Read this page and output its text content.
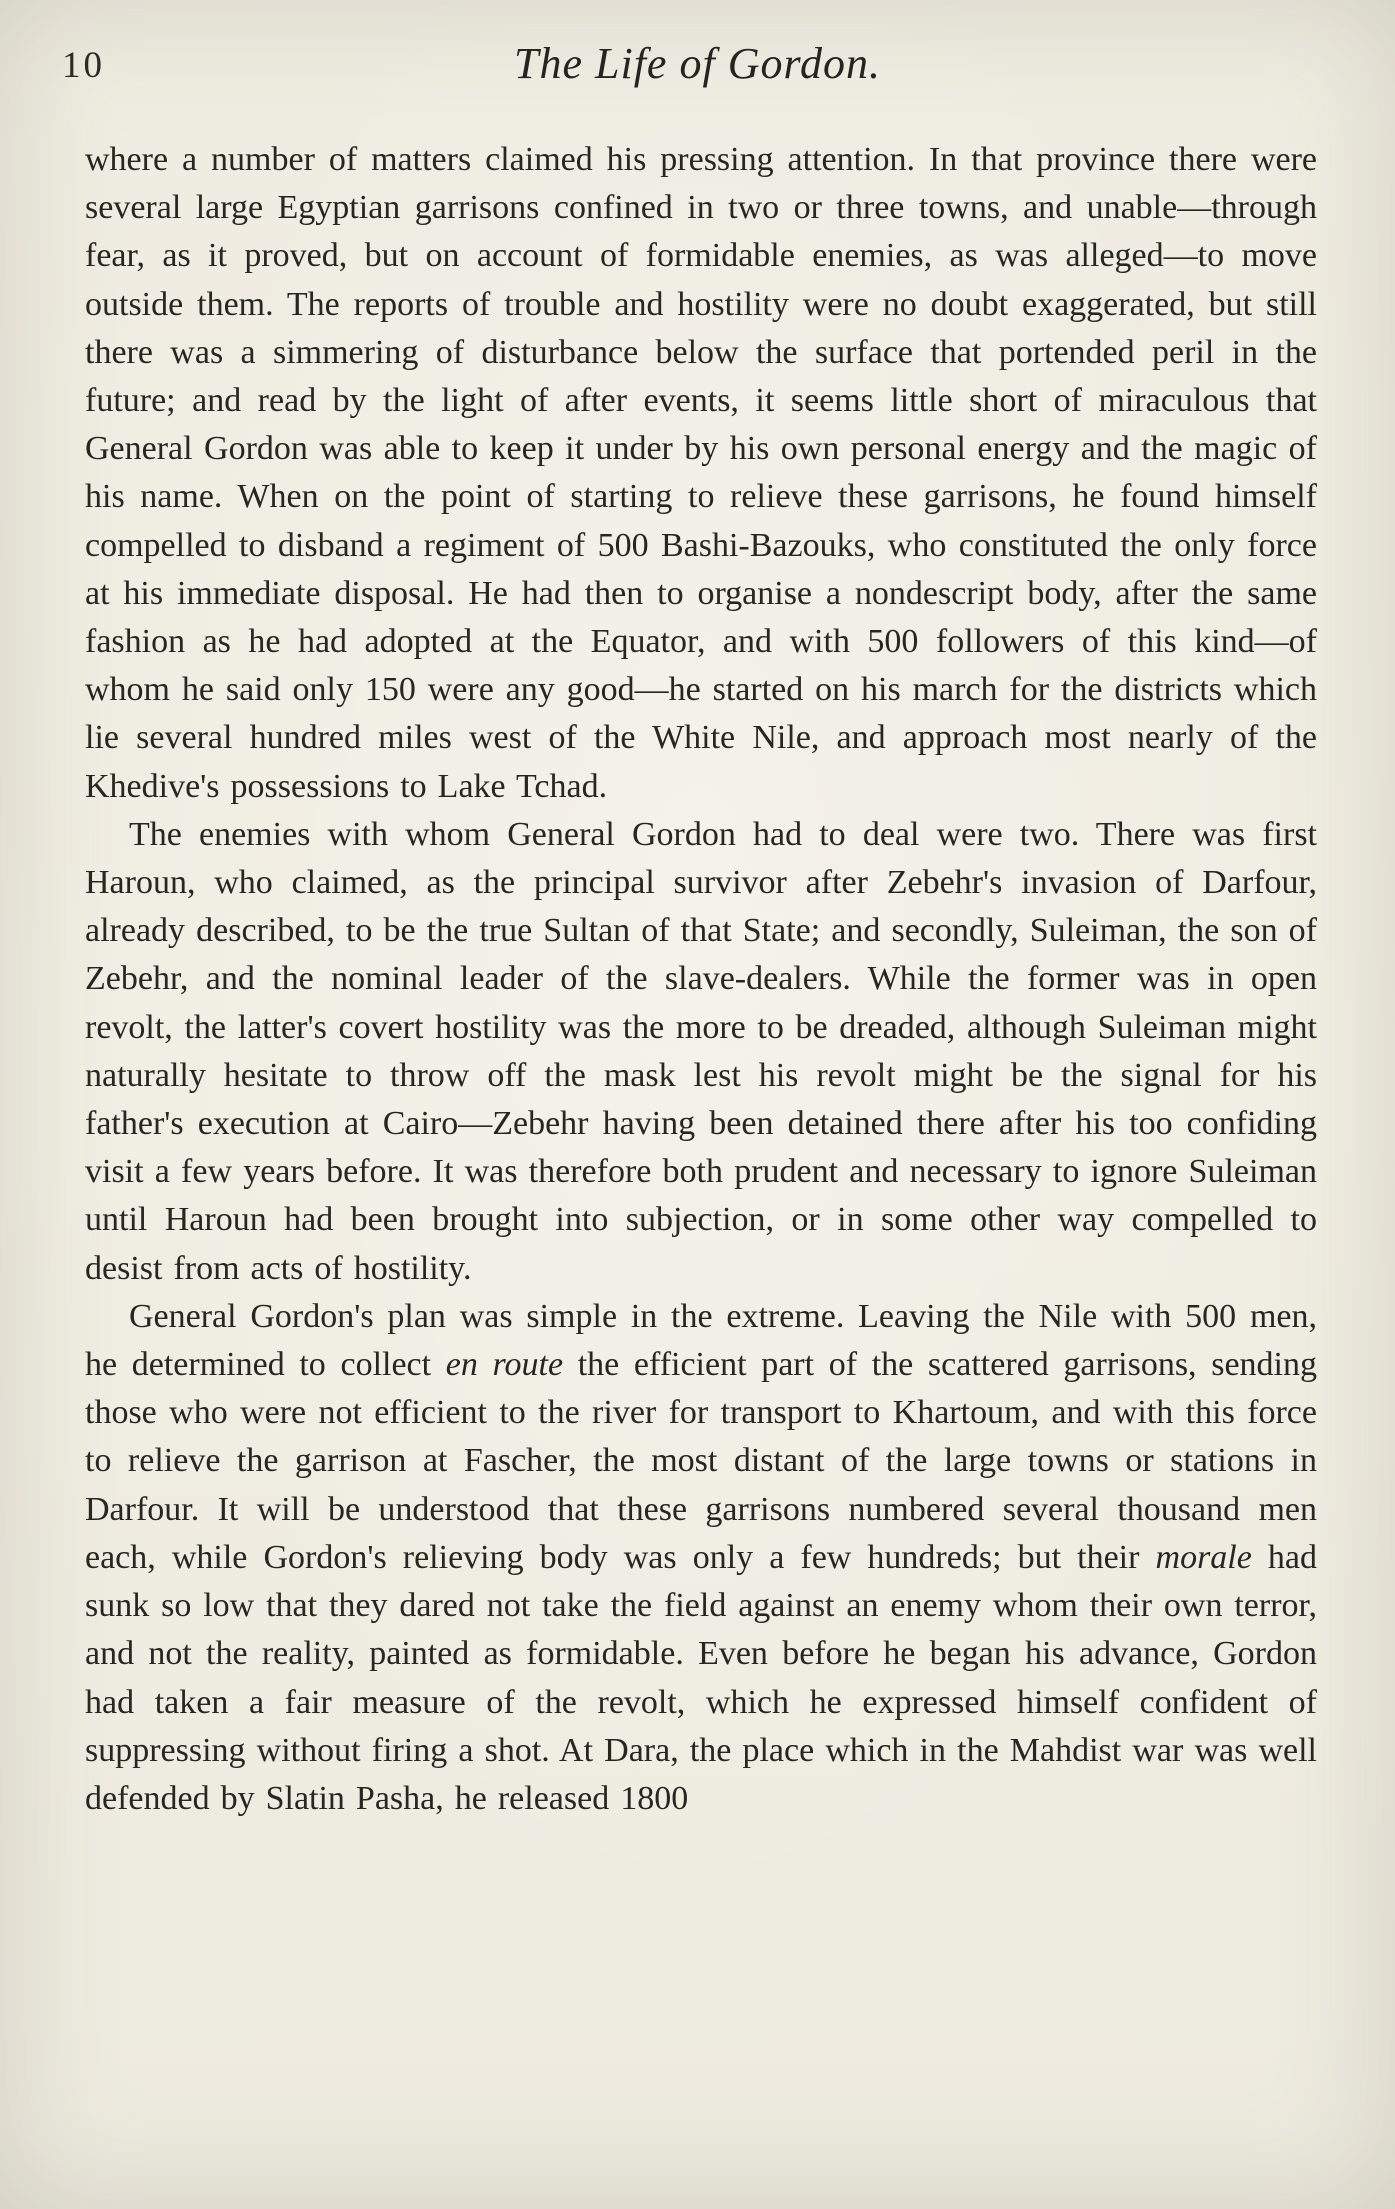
10	The Life of Gordon.

where a number of matters claimed his pressing attention. In that province there were several large Egyptian garrisons confined in two or three towns, and unable—through fear, as it proved, but on account of formidable enemies, as was alleged—to move outside them. The reports of trouble and hostility were no doubt exaggerated, but still there was a simmering of disturbance below the surface that portended peril in the future; and read by the light of after events, it seems little short of miraculous that General Gordon was able to keep it under by his own personal energy and the magic of his name. When on the point of starting to relieve these garrisons, he found himself compelled to disband a regiment of 500 Bashi-Bazouks, who constituted the only force at his immediate disposal. He had then to organise a nondescript body, after the same fashion as he had adopted at the Equator, and with 500 followers of this kind—of whom he said only 150 were any good—he started on his march for the districts which lie several hundred miles west of the White Nile, and approach most nearly of the Khedive's possessions to Lake Tchad.

The enemies with whom General Gordon had to deal were two. There was first Haroun, who claimed, as the principal survivor after Zebehr's invasion of Darfour, already described, to be the true Sultan of that State; and secondly, Suleiman, the son of Zebehr, and the nominal leader of the slave-dealers. While the former was in open revolt, the latter's covert hostility was the more to be dreaded, although Suleiman might naturally hesitate to throw off the mask lest his revolt might be the signal for his father's execution at Cairo—Zebehr having been detained there after his too confiding visit a few years before. It was therefore both prudent and necessary to ignore Suleiman until Haroun had been brought into subjection, or in some other way compelled to desist from acts of hostility.

General Gordon's plan was simple in the extreme. Leaving the Nile with 500 men, he determined to collect en route the efficient part of the scattered garrisons, sending those who were not efficient to the river for transport to Khartoum, and with this force to relieve the garrison at Fascher, the most distant of the large towns or stations in Darfour. It will be understood that these garrisons numbered several thousand men each, while Gordon's relieving body was only a few hundreds; but their morale had sunk so low that they dared not take the field against an enemy whom their own terror, and not the reality, painted as formidable. Even before he began his advance, Gordon had taken a fair measure of the revolt, which he expressed himself confident of suppressing without firing a shot. At Dara, the place which in the Mahdist war was well defended by Slatin Pasha, he released 1800
